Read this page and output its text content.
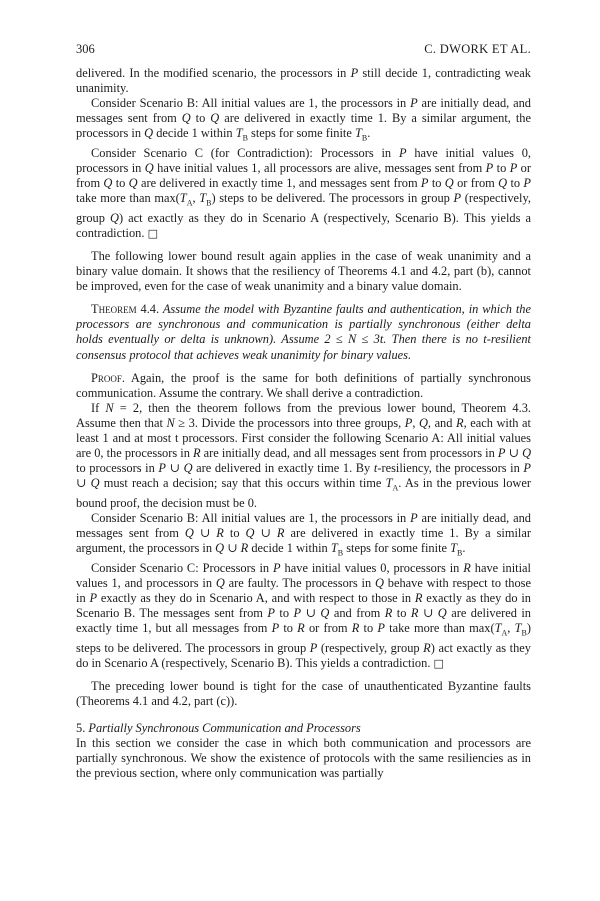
306	C. DWORK ET AL.

delivered. In the modified scenario, the processors in P still decide 1, contradicting weak unanimity.

Consider Scenario B: All initial values are 1, the processors in P are initially dead, and messages sent from Q to Q are delivered in exactly time 1. By a similar argument, the processors in Q decide 1 within $T_B$ steps for some finite $T_B$.

Consider Scenario C (for Contradiction): Processors in P have initial values 0, processors in Q have initial values 1, all processors are alive, messages sent from P to P or from Q to Q are delivered in exactly time 1, and messages sent from P to Q or from Q to P take more than $\max(T_A$, $T_B$) steps to be delivered. The processors in group P (respectively, group Q) act exactly as they do in Scenario A (respectively, Scenario B). This yields a contradiction. □

The following lower bound result again applies in the case of weak unanimity and a binary value domain. It shows that the resiliency of Theorems 4.1 and 4.2, part (b), cannot be improved, even for the case of weak unanimity and a binary value domain.

Theorem 4.4. Assume the model with Byzantine faults and authentication, in which the processors are synchronous and communication is partially synchronous (either delta holds eventually or delta is unknown). Assume 2 ≤ N ≤ 3t. Then there is no t-resilient consensus protocol that achieves weak unanimity for binary values.

Proof. Again, the proof is the same for both definitions of partially synchronous communication. Assume the contrary. We shall derive a contradiction.

If N = 2, then the theorem follows from the previous lower bound, Theorem 4.3. Assume then that N ≥ 3. Divide the processors into three groups, P, Q, and R, each with at least 1 and at most t processors. First consider the following Scenario A: All initial values are 0, the processors in R are initially dead, and all messages sent from processors in P ∪ Q to processors in P ∪ Q are delivered in exactly time 1. By t-resiliency, the processors in P ∪ Q must reach a decision; say that this occurs within time $T_A$. As in the previous lower bound proof, the decision must be 0.

Consider Scenario B: All initial values are 1, the processors in P are initially dead, and messages sent from Q ∪ R to Q ∪ R are delivered in exactly time 1. By a similar argument, the processors in Q ∪ R decide 1 within $T_B$ steps for some finite $T_B$.

Consider Scenario C: Processors in P have initial values 0, processors in R have initial values 1, and processors in Q are faulty. The processors in Q behave with respect to those in P exactly as they do in Scenario A, and with respect to those in R exactly as they do in Scenario B. The messages sent from P to P ∪ Q and from R to R ∪ Q are delivered in exactly time 1, but all messages from P to R or from R to P take more than $\max(T_A$, $T_B$) steps to be delivered. The processors in group P (respectively, group R) act exactly as they do in Scenario A (respectively, Scenario B). This yields a contradiction. □

The preceding lower bound is tight for the case of unauthenticated Byzantine faults (Theorems 4.1 and 4.2, part (c)).

5. Partially Synchronous Communication and Processors

In this section we consider the case in which both communication and processors are partially synchronous. We show the existence of protocols with the same resiliencies as in the previous section, where only communication was partially
